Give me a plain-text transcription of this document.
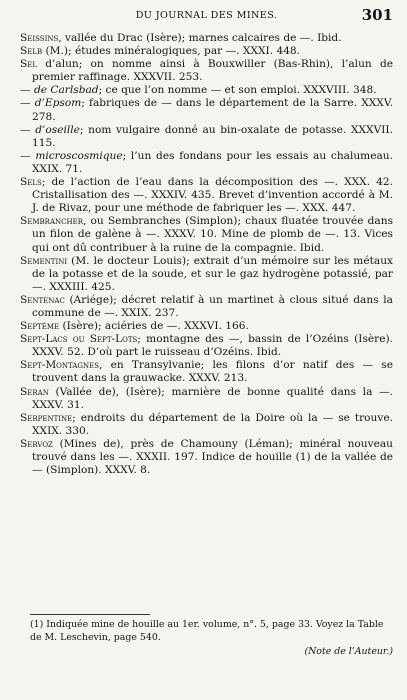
DU JOURNAL DES MINES.	301
Seissins, vallée du Drac (Isère); marnes calcaires de —. Ibid.
Selb (M.); études minéralogiques, par —. XXXI. 448.
Sel d’alun; on nomme ainsi à Bouxwiller (Bas-Rhin), l’alun de premier raffinage. XXXVII. 253.
— de Carlsbad; ce que l’on nomme — et son emploi. XXXVIII. 348.
— d’Epsom; fabriques de — dans le département de la Sarre. XXXV. 278.
— d’oseille; nom vulgaire donné au bin-oxalate de potasse. XXXVII. 115.
— microscosmique; l’un des fondans pour les essais au chalumeau. XXIX. 71.
Sels; de l’action de l’eau dans la décomposition des —. XXX. 42. Cristallisation des —. XXXIV. 435. Brevet d’invention accordé à M. J. de Rivaz, pour une méthode de fabriquer les —. XXX. 447.
Sembrancher, ou Sembranches (Simplon); chaux fluatée trouvée dans un filon de galène à —. XXXV. 10. Mine de plomb de —. 13. Vices qui ont dû contribuer à la ruine de la compagnie. Ibid.
Sementini (M. le docteur Louis); extrait d’un mémoire sur les métaux de la potasse et de la soude, et sur le gaz hydrogène potassié, par —. XXXIII. 425.
Sentenac (Ariége); décret relatif à un martinet à clous situé dans la commune de —. XXIX. 237.
Septème (Isère); aciéries de —. XXXVI. 166.
Sept-Lacs ou Sept-Lots; montagne des —, bassin de l’Ozéins (Isère). XXXV. 52. D’où part le ruisseau d’Ozéins. Ibid.
Sept-Montagnes, en Transylvanie; les filons d’or natif des — se trouvent dans la grauwacke. XXXV. 213.
Seran (Vallée de), (Isère); marnière de bonne qualité dans la —. XXXV. 31.
Serpentine; endroits du département de la Doire où la — se trouve. XXIX. 330.
Servoz (Mines de), près de Chamouny (Léman); minéral nouveau trouvé dans les —. XXXII. 197. Indice de houille (1) de la vallée de — (Simplon). XXXV. 8.
(1) Indiquée mine de houille au 1er. volume, n°. 5, page 33. Voyez la Table de M. Leschevin, page 540.
(Note de l’Auteur.)
